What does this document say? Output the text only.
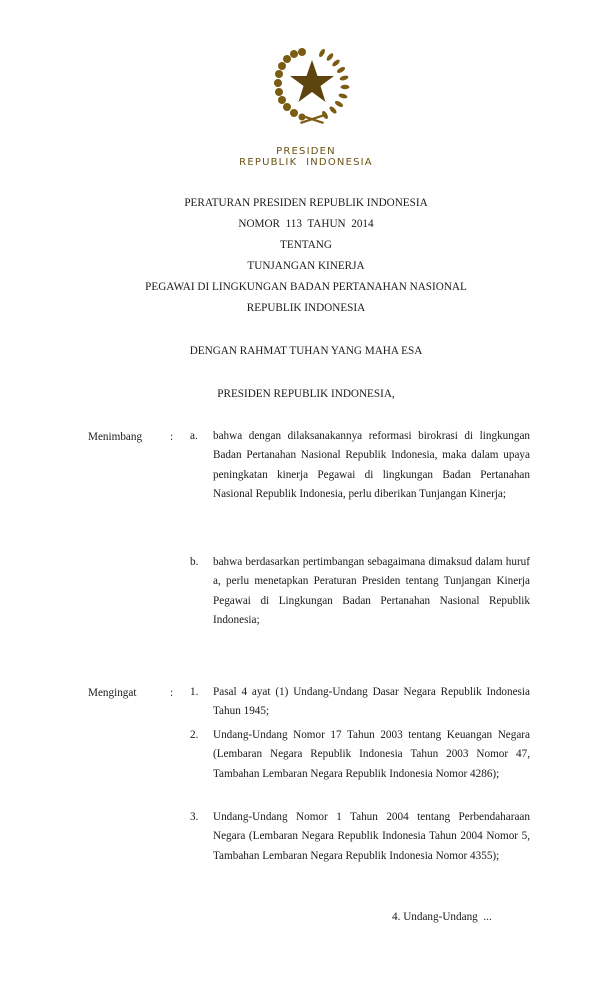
PRESIDEN
REPUBLIK  INDONESIA
PERATURAN PRESIDEN REPUBLIK INDONESIA
NOMOR  113  TAHUN  2014
TENTANG
TUNJANGAN KINERJA
PEGAWAI DI LINGKUNGAN BADAN PERTANAHAN NASIONAL
REPUBLIK INDONESIA
DENGAN RAHMAT TUHAN YANG MAHA ESA
PRESIDEN REPUBLIK INDONESIA,
Menimbang : a.	bahwa dengan dilaksanakannya reformasi birokrasi di lingkungan Badan Pertanahan Nasional Republik Indonesia, maka dalam upaya peningkatan kinerja Pegawai di lingkungan Badan Pertanahan Nasional Republik Indonesia, perlu diberikan Tunjangan Kinerja;
b.	bahwa berdasarkan pertimbangan sebagaimana dimaksud dalam huruf a, perlu menetapkan Peraturan Presiden tentang Tunjangan Kinerja Pegawai di Lingkungan Badan Pertanahan Nasional Republik Indonesia;
Mengingat	: 1.	Pasal 4 ayat (1) Undang-Undang Dasar Negara Republik Indonesia Tahun 1945;
2.	Undang-Undang Nomor 17 Tahun 2003 tentang Keuangan Negara (Lembaran Negara Republik Indonesia Tahun 2003 Nomor 47, Tambahan Lembaran Negara Republik Indonesia Nomor 4286);
3.	Undang-Undang Nomor 1 Tahun 2004 tentang Perbendaharaan Negara (Lembaran Negara Republik Indonesia Tahun 2004 Nomor 5, Tambahan Lembaran Negara Republik Indonesia Nomor 4355);
4. Undang-Undang  ...
